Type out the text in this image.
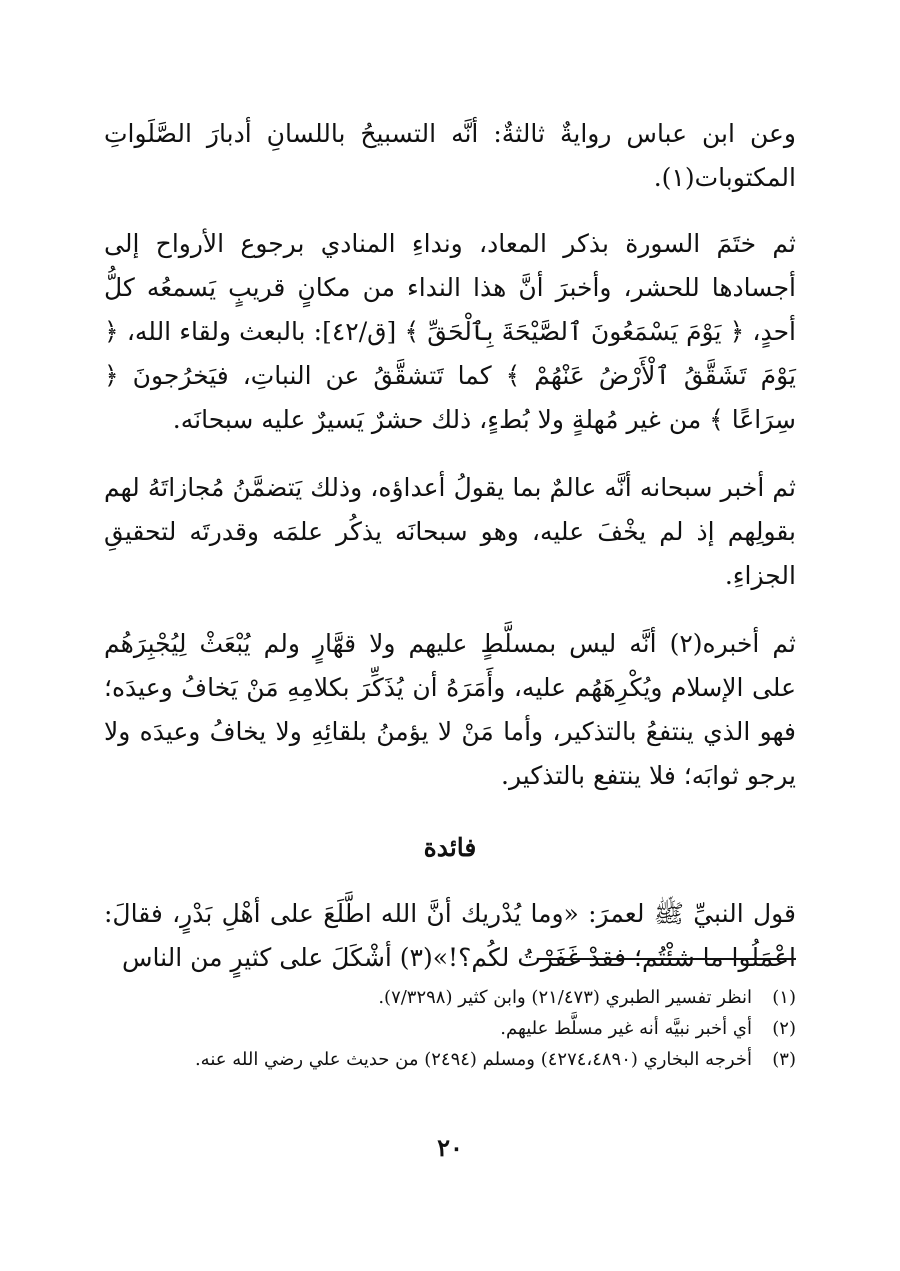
وعن ابن عباس روايةٌ ثالثةٌ: أنَّه التسبيحُ باللسانِ أدبارَ الصَّلَواتِ المكتوبات(١).

ثم ختَمَ السورة بذكر المعاد، ونداءِ المنادي برجوع الأرواح إلى أجسادها للحشر، وأخبرَ أنَّ هذا النداء من مكانٍ قريبٍ يَسمعُه كلُّ أحدٍ، ﴿ يَوْمَ يَسْمَعُونَ ٱلصَّيْحَةَ بِٱلْحَقِّ ﴾ [ق/٤٢]: بالبعث ولقاء الله، ﴿ يَوْمَ تَشَقَّقُ ٱلْأَرْضُ عَنْهُمْ ﴾ كما تَتشقَّقُ عن النباتِ، فيَخرُجونَ ﴿ سِرَاعًا ﴾ من غير مُهلةٍ ولا بُطءٍ، ذلك حشرٌ يَسيرٌ عليه سبحانَه.

ثم أخبر سبحانه أنَّه عالمٌ بما يقولُ أعداؤه، وذلك يَتضمَّنُ مُجازاتَهُ لهم بقولِهم إذ لم يخْفَ عليه، وهو سبحانَه يذكُر علمَه وقدرتَه لتحقيقِ الجزاءِ.

ثم أخبره(٢) أنَّه ليس بمسلَّطٍ عليهم ولا قهَّارٍ ولم يُبْعَثْ لِيُجْبِرَهُم على الإسلام ويُكْرِهَهُم عليه، وأَمَرَهُ أن يُذَكِّرَ بكلامِهِ مَنْ يَخافُ وعيدَه؛ فهو الذي ينتفعُ بالتذكير، وأما مَنْ لا يؤمنُ بلقائِهِ ولا يخافُ وعيدَه ولا يرجو ثوابَه؛ فلا ينتفع بالتذكير.

فائدة

قول النبيِّ ﷺ لعمرَ: «وما يُدْريك أنَّ الله اطَّلَعَ على أهْلِ بَدْرٍ، فقالَ: اعْمَلُوا ما شئْتُم؛ فقدْ غَفَرْتُ لكُم؟!»(٣) أشْكَلَ على كثيرٍ من الناس

(١)
انظر تفسير الطبري (٢١/٤٧٣) وابن كثير (٧/٣٢٩٨).
(٢)
أي أخبر نبيَّه أنه غير مسلَّط عليهم.
(٣)
أخرجه البخاري (٤٢٧٤،٤٨٩٠) ومسلم (٢٤٩٤) من حديث علي رضي الله عنه.
٢٠
